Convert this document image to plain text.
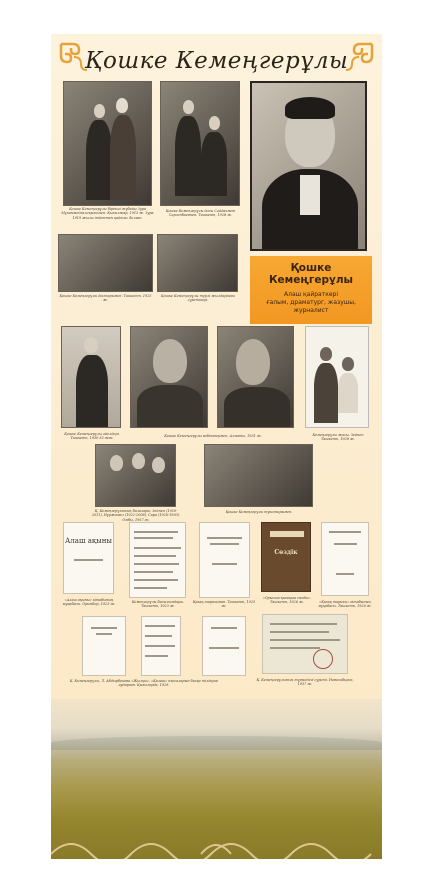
Қошке Кемеңгерұлы
Қошке Кемеңгерұлы бірінші жұбайы Зура Мұхаммедғалиқызымен. Қызылжар, 1913 ж. Зура 1919 жылы індеттен қайтыс болған.
Қошке Кемеңгерұлы досы Сәйдахмет Сәрсенбаевпен. Ташкент, 1928 ж.
Қошке Кемеңгерұлы достарымен. Ташкент, 1925 ж.
Қошке Кемеңгерұлы түрлі жылдардағы суреттері.
Қошке
Кемеңгерұлы
Алаш қайраткері
ғалым, драматург, жазушы,
журналист
Қошке Кемеңгерұлы әйелдері. Ташкент, 1930-33 жж.
Қошке Кемеңгерұлы өзбектермен. Алматы, 1931 ж.	Кемеңгерұлы жасы. Зейнеп Ташкент, 1928 ж.
Қ. Кемеңгерұлының балалары: Зейнеп (1920-2011), Нұржамал (1922-2008), Сара (1926-1993). Омбы, 1957 ж.
Қошке Кемеңгерұлы туыстарымен.
Алаш ақыны
«Алаш ақыны» кітабының мұқабасы. Орынбор, 1923 ж.
Кемеңгерұлы басылымдары. Ташкент, 1923 ж.
Қазақ тарихынан. Ташкент, 1925 ж.
Сөздік
«Орысша-қазақша сөздік». Ташкент, 1926 ж.	«Қазақ тарихы» кітабының мұқабасы. Ташкент, 1926 ж.
Қ. Кемеңгерұлы, Л. Абдырбекова «Жылқы», «Қалаш» пьесаларын басқа тілдерге аударған. Қызылорда, 1929.
Қ. Кемеңгерұлының түрмедегі суреті. Новосибирск, 1937 ж.
